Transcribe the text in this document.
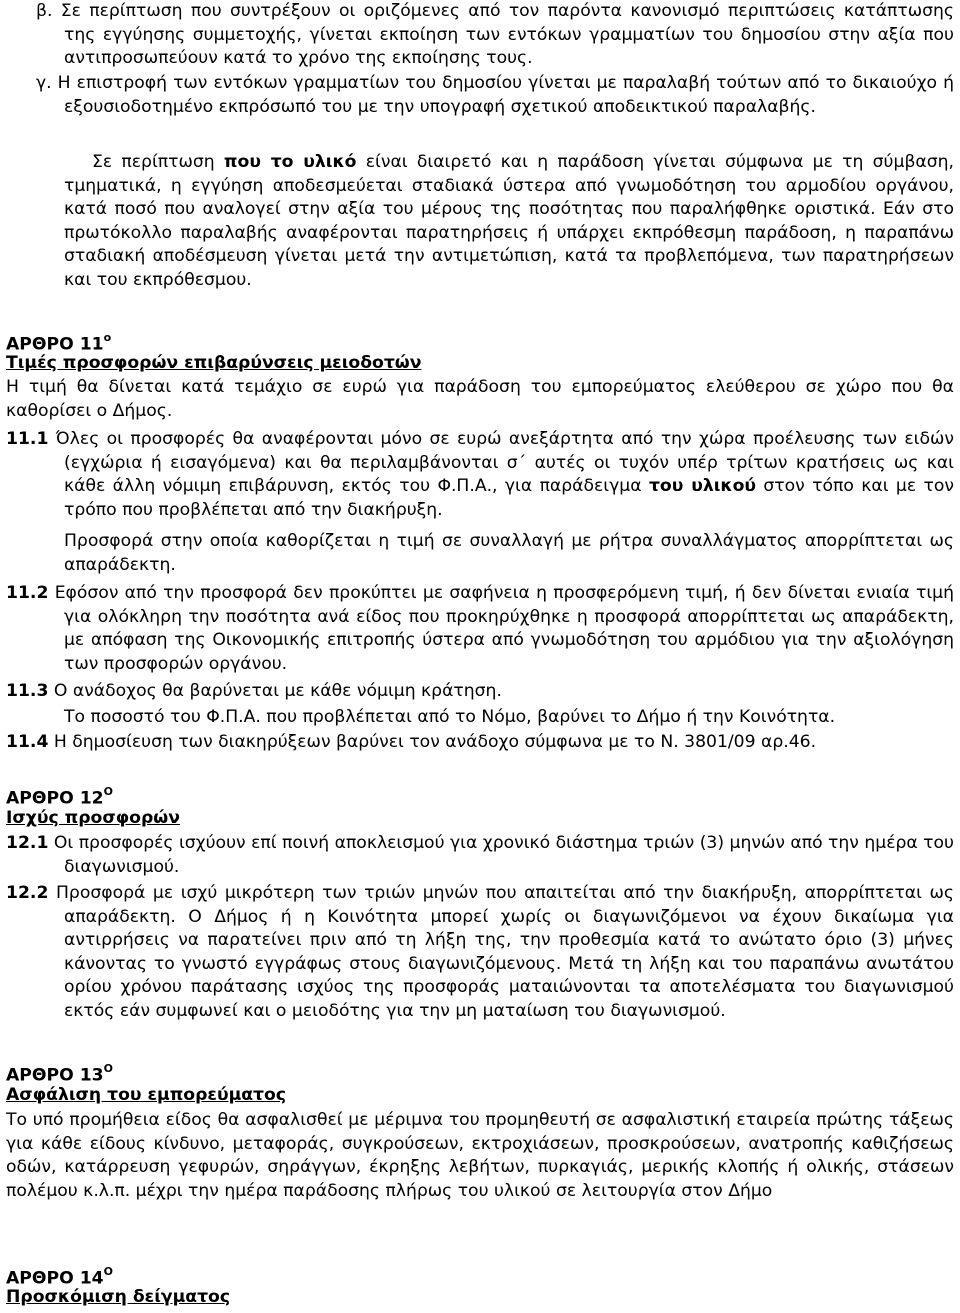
β. Σε περίπτωση που συντρέξουν οι οριζόμενες από τον παρόντα κανονισμό περιπτώσεις κατάπτωσης της εγγύησης συμμετοχής, γίνεται εκποίηση των εντόκων γραμματίων του δημοσίου στην αξία που αντιπροσωπεύουν κατά το χρόνο της εκποίησης τους.
γ. Η επιστροφή των εντόκων γραμματίων του δημοσίου γίνεται με παραλαβή τούτων από το δικαιούχο ή εξουσιοδοτημένο εκπρόσωπό του με την υπογραφή σχετικού αποδεικτικού παραλαβής.
Σε περίπτωση που το υλικό είναι διαιρετό και η παράδοση γίνεται σύμφωνα με τη σύμβαση, τμηματικά, η εγγύηση αποδεσμεύεται σταδιακά ύστερα από γνωμοδότηση του αρμοδίου οργάνου, κατά ποσό που αναλογεί στην αξία του μέρους της ποσότητας που παραλήφθηκε οριστικά. Εάν στο πρωτόκολλο παραλαβής αναφέρονται παρατηρήσεις ή υπάρχει εκπρόθεσμη παράδοση, η παραπάνω σταδιακή αποδέσμευση γίνεται μετά την αντιμετώπιση, κατά τα προβλεπόμενα, των παρατηρήσεων και του εκπρόθεσμου.
ΑΡΘΡΟ $11^o$
Τιμές προσφορών επιβαρύνσεις μειοδοτών
Η τιμή θα δίνεται κατά τεμάχιο σε ευρώ για παράδοση του εμπορεύματος ελεύθερου σε χώρο που θα καθορίσει ο Δήμος.
11.1 Όλες οι προσφορές θα αναφέρονται μόνο σε ευρώ ανεξάρτητα από την χώρα προέλευσης των ειδών (εγχώρια ή εισαγόμενα) και θα περιλαμβάνονται σ΄ αυτές οι τυχόν υπέρ τρίτων κρατήσεις ως και κάθε άλλη νόμιμη επιβάρυνση, εκτός του Φ.Π.Α., για παράδειγμα του υλικού στον τόπο και με τον τρόπο που προβλέπεται από την διακήρυξη.
Προσφορά στην οποία καθορίζεται η τιμή σε συναλλαγή με ρήτρα συναλλάγματος απορρίπτεται ως απαράδεκτη.
11.2 Εφόσον από την προσφορά δεν προκύπτει με σαφήνεια η προσφερόμενη τιμή, ή δεν δίνεται ενιαία τιμή για ολόκληρη την ποσότητα ανά είδος που προκηρύχθηκε η προσφορά απορρίπτεται ως απαράδεκτη, με απόφαση της Οικονομικής επιτροπής ύστερα από γνωμοδότηση του αρμόδιου για την αξιολόγηση των προσφορών οργάνου.
11.3 Ο ανάδοχος θα βαρύνεται με κάθε νόμιμη κράτηση.
Το ποσοστό του Φ.Π.Α. που προβλέπεται από το Νόμο, βαρύνει το Δήμο ή την Κοινότητα.
11.4 Η δημοσίευση των διακηρύξεων βαρύνει τον ανάδοχο σύμφωνα με το Ν. 3801/09 αρ.46.
ΑΡΘΡΟ $12^O$
Ισχύς προσφορών
12.1 Οι προσφορές ισχύουν επί ποινή αποκλεισμού για χρονικό διάστημα τριών (3) μηνών από την ημέρα του διαγωνισμού.
12.2 Προσφορά με ισχύ μικρότερη των τριών μηνών που απαιτείται από την διακήρυξη, απορρίπτεται ως απαράδεκτη. Ο Δήμος ή η Κοινότητα μπορεί χωρίς οι διαγωνιζόμενοι να έχουν δικαίωμα για αντιρρήσεις να παρατείνει πριν από τη λήξη της, την προθεσμία κατά το ανώτατο όριο (3) μήνες κάνοντας το γνωστό εγγράφως στους διαγωνιζόμενους. Μετά τη λήξη και του παραπάνω ανωτάτου ορίου χρόνου παράτασης ισχύος της προσφοράς ματαιώνονται τα αποτελέσματα του διαγωνισμού εκτός εάν συμφωνεί και ο μειοδότης για την μη ματαίωση του διαγωνισμού.
ΑΡΘΡΟ $13^O$
Ασφάλιση του εμπορεύματος
Το υπό προμήθεια είδος θα ασφαλισθεί με μέριμνα του προμηθευτή σε ασφαλιστική εταιρεία πρώτης τάξεως για κάθε είδους κίνδυνο, μεταφοράς, συγκρούσεων, εκτροχιάσεων, προσκρούσεων, ανατροπής καθιζήσεως οδών, κατάρρευση γεφυρών, σηράγγων, έκρηξης λεβήτων, πυρκαγιάς, μερικής κλοπής ή ολικής, στάσεων πολέμου κ.λ.π. μέχρι την ημέρα παράδοσης πλήρως του υλικού σε λειτουργία στον Δήμο
ΑΡΘΡΟ $14^O$
Προσκόμιση δείγματος
